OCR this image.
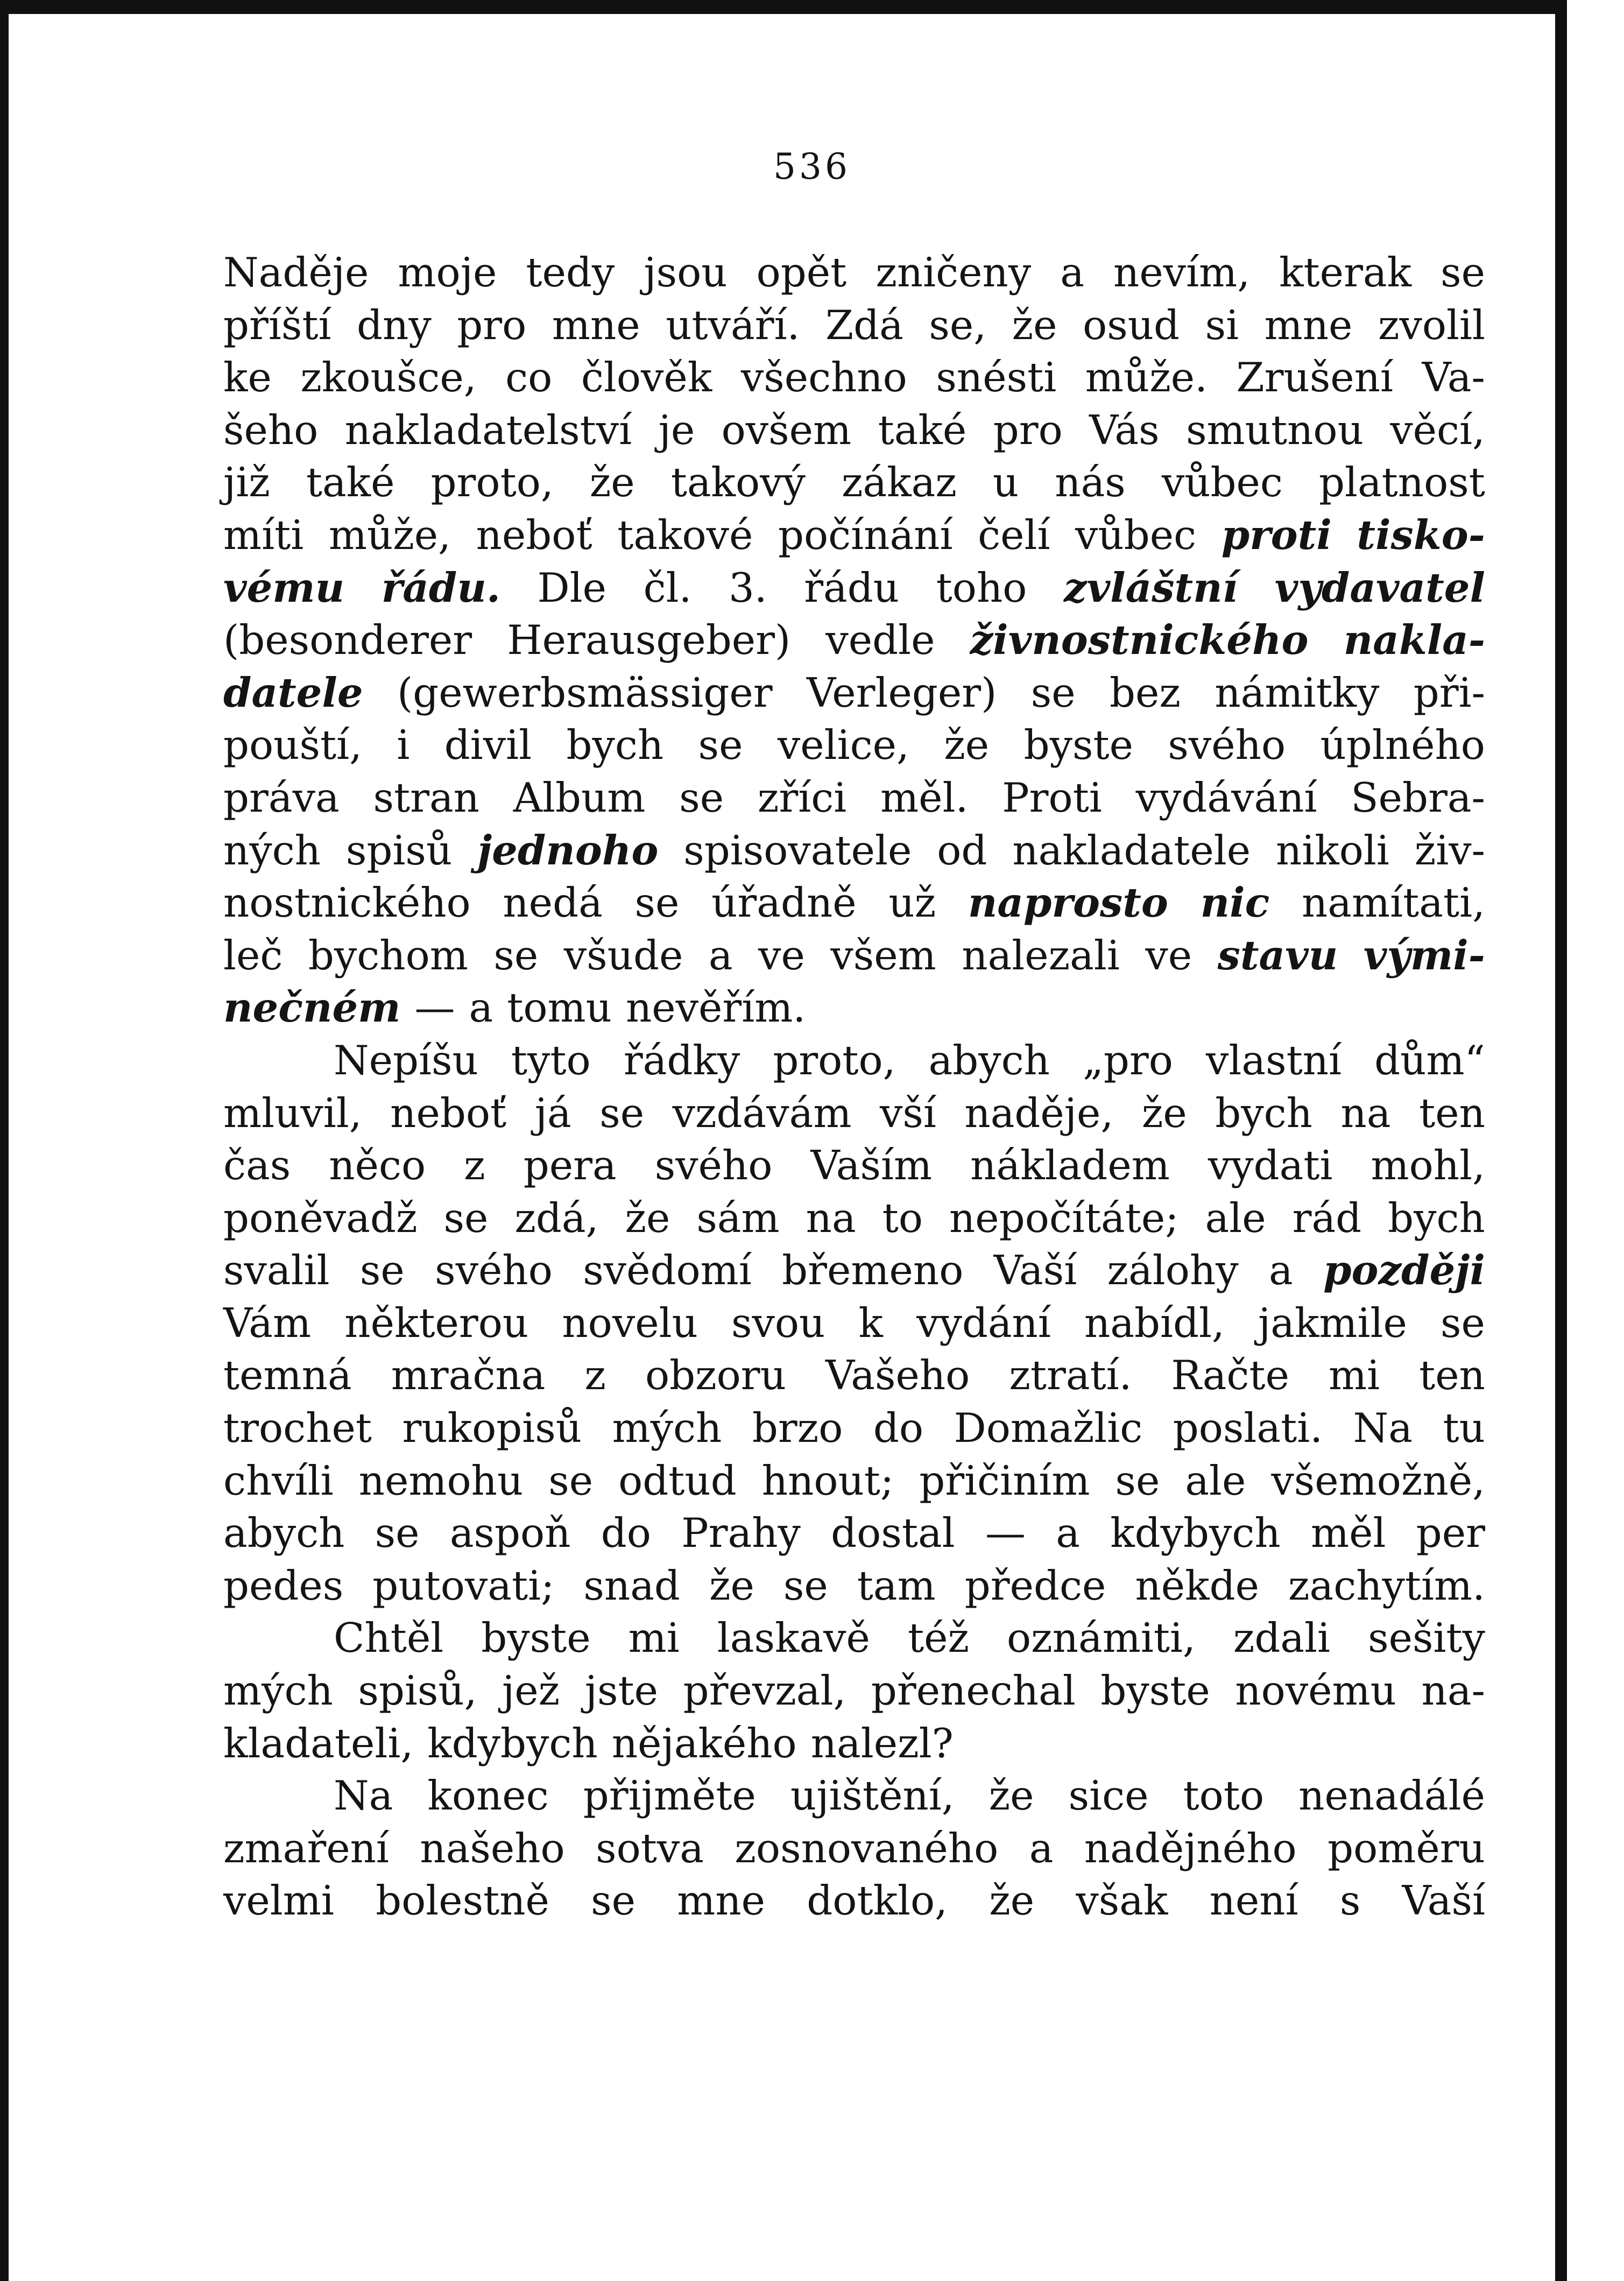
536
Naděje moje tedy jsou opět zničeny a nevím, kterak se
příští dny pro mne utváří. Zdá se, že osud si mne zvolil
ke zkoušce, co člověk všechno snésti může. Zrušení Va-
šeho nakladatelství je ovšem také pro Vás smutnou věcí,
již také proto, že takový zákaz u nás vůbec platnost
míti může, neboť takové počínání čelí vůbec proti tisko-
vému řádu. Dle čl. 3. řádu toho zvláštní vydavatel
(besonderer Herausgeber) vedle živnostnického nakla-
datele (gewerbsmässiger Verleger) se bez námitky při-
pouští, i divil bych se velice, že byste svého úplného
práva stran Album se zříci měl. Proti vydávání Sebra-
ných spisů jednoho spisovatele od nakladatele nikoli živ-
nostnického nedá se úřadně už naprosto nic namítati,
leč bychom se všude a ve všem nalezali ve stavu vými-
nečném — a tomu nevěřím.
Nepíšu tyto řádky proto, abych „pro vlastní dům“
mluvil, neboť já se vzdávám vší naděje, že bych na ten
čas něco z pera svého Vaším nákladem vydati mohl,
poněvadž se zdá, že sám na to nepočítáte; ale rád bych
svalil se svého svědomí břemeno Vaší zálohy a později
Vám některou novelu svou k vydání nabídl, jakmile se
temná mračna z obzoru Vašeho ztratí. Račte mi ten
trochet rukopisů mých brzo do Domažlic poslati. Na tu
chvíli nemohu se odtud hnout; přičiním se ale všemožně,
abych se aspoň do Prahy dostal — a kdybych měl per
pedes putovati; snad že se tam předce někde zachytím.
Chtěl byste mi laskavě též oznámiti, zdali sešity
mých spisů, jež jste převzal, přenechal byste novému na-
kladateli, kdybych nějakého nalezl?
Na konec přijměte ujištění, že sice toto nenadálé
zmaření našeho sotva zosnovaného a nadějného poměru
velmi bolestně se mne dotklo, že však není s Vaší
